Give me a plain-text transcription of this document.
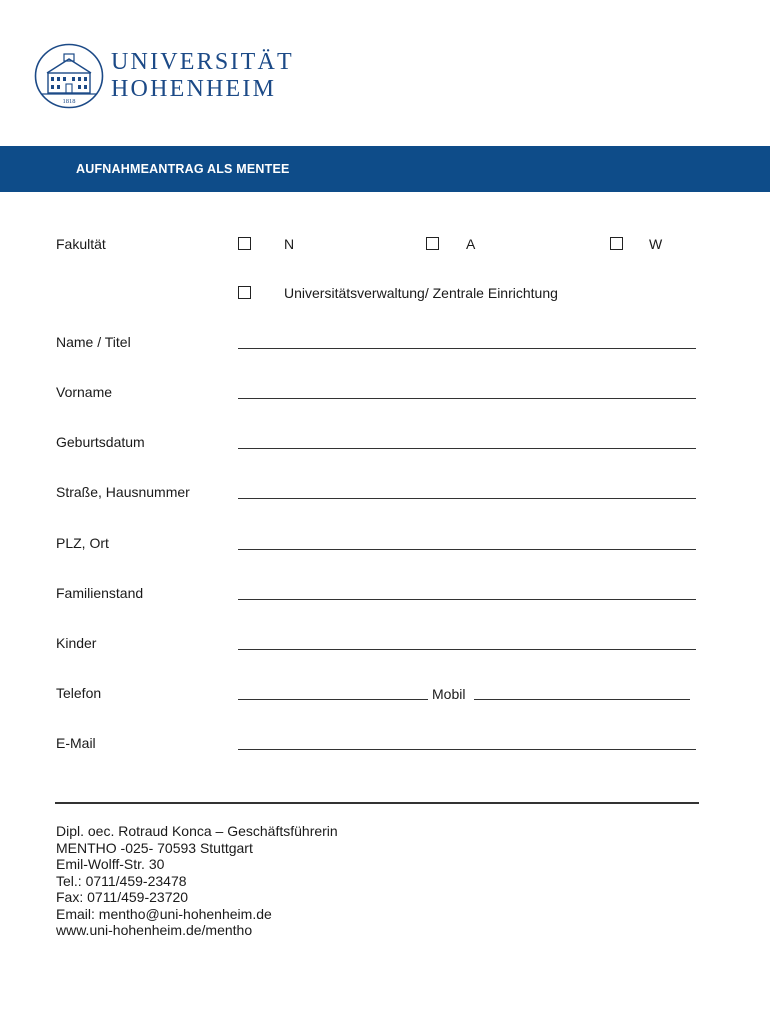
1818
UNIVERSITÄT
HOHENHEIM
AUFNAHMEANTRAG ALS MENTEE
Fakultät	N	A	W
Universitätsverwaltung/ Zentrale Einrichtung
Name / Titel
Vorname
Geburtsdatum
Straße, Hausnummer
PLZ, Ort
Familienstand
Kinder
Telefon	Mobil
E-Mail
Dipl. oec. Rotraud Konca – Geschäftsführerin
MENTHO -025- 70593 Stuttgart
Emil-Wolff-Str. 30
Tel.: 0711/459-23478
Fax: 0711/459-23720
Email: mentho@uni-hohenheim.de
www.uni-hohenheim.de/mentho
